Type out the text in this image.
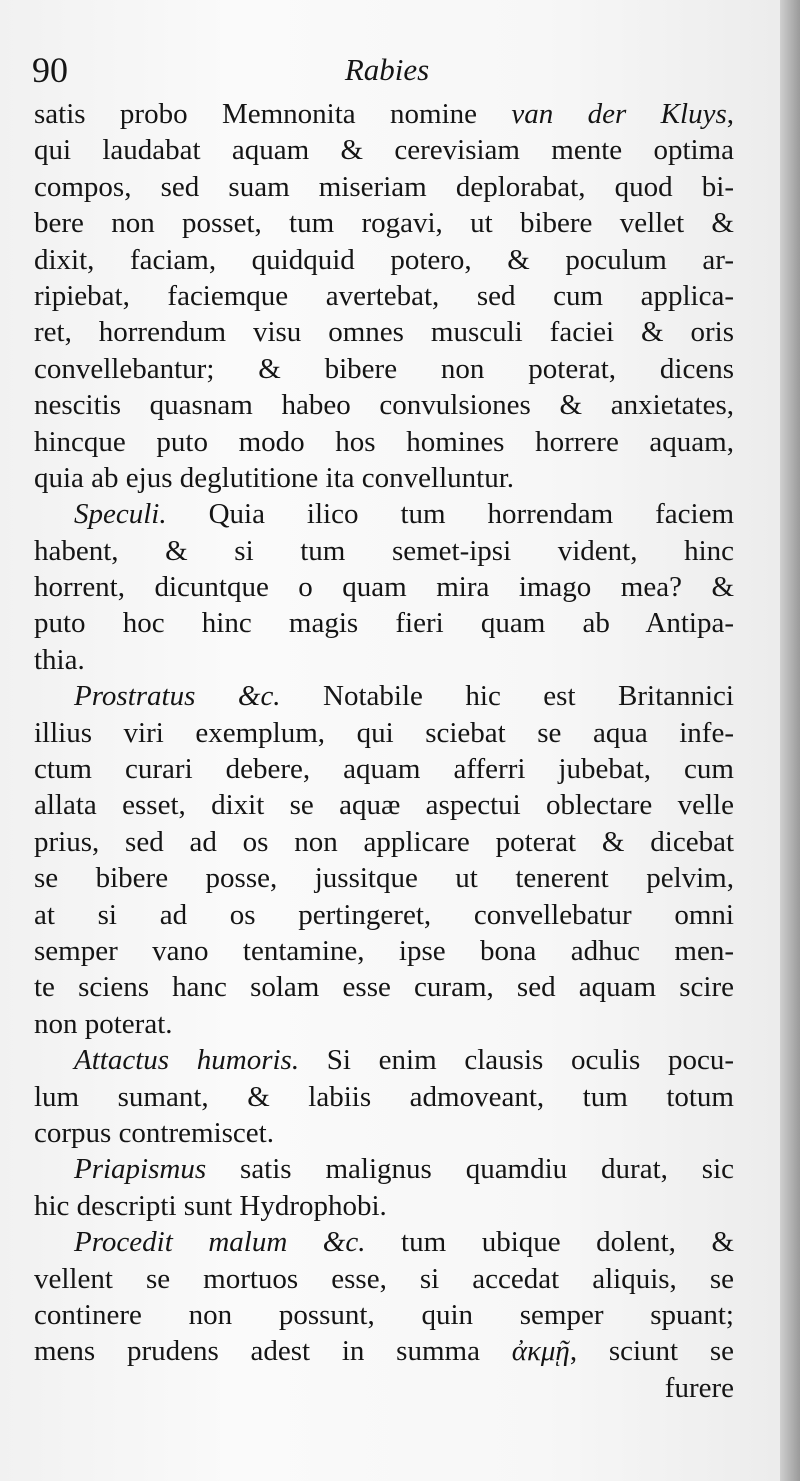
90	Rabies
satis probo Memnonita nomine van der Kluys,
qui laudabat aquam & cerevisiam mente optima
compos, sed suam miseriam deplorabat, quod bi-
bere non posset, tum rogavi, ut bibere vellet &
dixit, faciam, quidquid potero, & poculum ar-
ripiebat, faciemque avertebat, sed cum applica-
ret, horrendum visu omnes musculi faciei & oris
convellebantur; & bibere non poterat, dicens
nescitis quasnam habeo convulsiones & anxietates,
hincque puto modo hos homines horrere aquam,
quia ab ejus deglutitione ita convelluntur.
Speculi. Quia ilico tum horrendam faciem
habent, & si tum semet-ipsi vident, hinc
horrent, dicuntque o quam mira imago mea? &
puto hoc hinc magis fieri quam ab Antipa-
thia.
Prostratus &c. Notabile hic est Britannici
illius viri exemplum, qui sciebat se aqua infe-
ctum curari debere, aquam afferri jubebat, cum
allata esset, dixit se aquæ aspectui oblectare velle
prius, sed ad os non applicare poterat & dicebat
se bibere posse, jussitque ut tenerent pelvim,
at si ad os pertingeret, convellebatur omni
semper vano tentamine, ipse bona adhuc men-
te sciens hanc solam esse curam, sed aquam scire
non poterat.
Attactus humoris. Si enim clausis oculis pocu-
lum sumant, & labiis admoveant, tum totum
corpus contremiscet.
Priapismus satis malignus quamdiu durat, sic
hic descripti sunt Hydrophobi.
Procedit malum &c. tum ubique dolent, &
vellent se mortuos esse, si accedat aliquis, se
continere non possunt, quin semper spuant;
mens prudens adest in summa ἀκμῇ, sciunt se
furere
